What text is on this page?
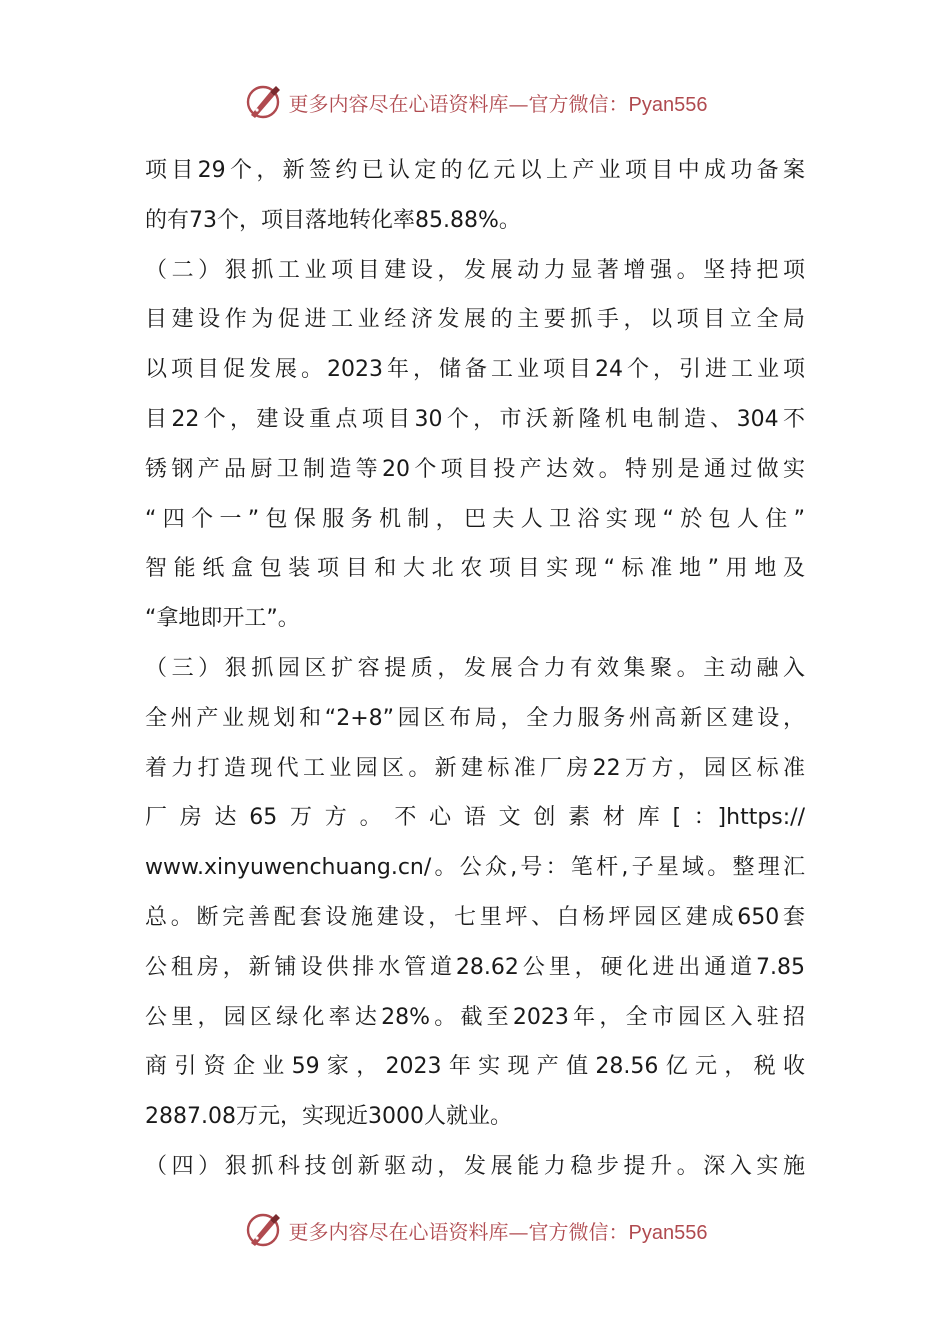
更多内容尽在心语资料库—官方微信：Pyan556
项目29个，新签约已认定的亿元以上产业项目中成功备案
的有73个，项目落地转化率85.88%。
（二）狠抓工业项目建设，发展动力显著增强。坚持把项
目建设作为促进工业经济发展的主要抓手，以项目立全局
以项目促发展。2023年，储备工业项目24个，引进工业项
目22个，建设重点项目30个，市沃新隆机电制造、304不
锈钢产品厨卫制造等20个项目投产达效。特别是通过做实
“四个一”包保服务机制，巴夫人卫浴实现“於包人住”
智能纸盒包装项目和大北农项目实现“标准地”用地及
“拿地即开工”。
（三）狠抓园区扩容提质，发展合力有效集聚。主动融入
全州产业规划和“2+8”园区布局，全力服务州高新区建设，
着力打造现代工业园区。新建标准厂房22万方，园区标准
厂房达65万方。不心语文创素材库[：]https://
www.xinyuwenchuang.cn/。公众,号：笔杆,子星域。整理汇
总。断完善配套设施建设，七里坪、白杨坪园区建成650套
公租房，新铺设供排水管道28.62公里，硬化进出通道7.85
公里，园区绿化率达28%。截至2023年，全市园区入驻招
商引资企业59家，2023年实现产值28.56亿元，税收
2887.08万元，实现近3000人就业。
（四）狠抓科技创新驱动，发展能力稳步提升。深入实施
更多内容尽在心语资料库—官方微信：Pyan556
